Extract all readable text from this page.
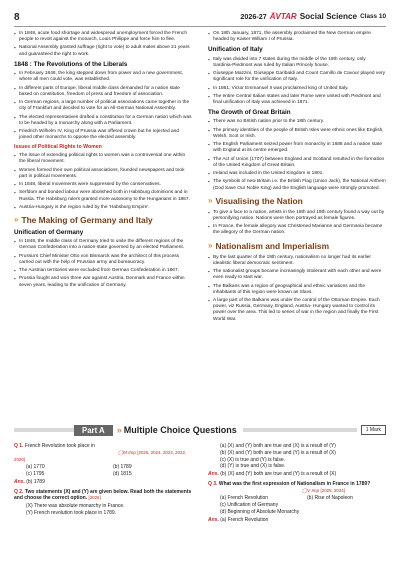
8	2026-27 A̅VTAR Social Science Class 10
▪ In 1848, acute food shortage and widespread unemployment forced the French people to revolt against the monarch, Louis Philippe and force him to flee.
▪ National Assembly granted suffrage (right to vote) to adult males above 21 years and guaranteed the right to work.
1848 : The Revolutions of the Liberals
▪ In February 1848, the king stepped down from power and a new government, where all men could vote, was established.
▪ In different parts of Europe, liberal middle class demanded for a nation state based on constitution, freedom of press and freedom of association.
▪ In German regions, a large number of political associations came together in the city of Frankfurt and decided to vote for an All-German National Assembly.
▪ The elected representatives drafted a constitution for a German nation which was to be headed by a monarchy along with a Parliament.
▪ Friedrich Wilhelm IV, King of Prussia was offered crown but he rejected and joined other monarchs to oppose the elected assembly.
Issues of Political Rights to Women
▪ The issue of extending political rights to women was a controversial one within the liberal movement.
▪ Women formed their own political associations, founded newspapers and took part in political movements.
▪ In 1848, liberal movements were suppressed by the conservatives.
▪ Serfdom and bonded labour were abolished both in Habsburg dominions and in Russia. The Habsburg rulers granted more autonomy to the Hungarians in 1867.
▪ Austria-Hungary is the region ruled by the ‘Habsburg Empire’.
» The Making of Germany and Italy
Unification of Germany
▪ In 1848, the middle class of Germany tried to unite the different regions of the German Confederation into a nation-state governed by an elected Parliament.
▪ Prussia's Chief Minister Otto von Bismarck was the architect of this process carried out with the help of Prussian army and bureaucracy.
▪ The Austrian territories were excluded from German Confederation in 1867.
▪ Prussia fought and won three war against Austria, Denmark and France within seven years, leading to the unification of Germany.
▪ On 18th January, 1871, the assembly proclaimed the New German empire headed by Kaiser William I of Prussia.
Unification of Italy
▪ Italy was divided into 7 states during the middle of the 19th century, only Sardinia-Piedmont was ruled by Italian Princely house.
▪ Giuseppe Mazzini, Giuseppe Garibaldi and Count Camillo de Cavour played very significant role for the unification of Italy.
▪ In 1861, Victor Emmanuel II was proclaimed king of United Italy.
▪ The entire Central Italian states and later Rome were united with Piedmont and final unification of Italy was achieved in 1871.
The Growth of Great Britain
▪ There was no British nation prior to the 18th century.
▪ The primary identities of the people of British Isles were ethnic ones like English, Welsh, Scot or Irish.
▪ The English Parliament seized power from monarchy in 1688 and a nation state with England at its centre emerged.
▪ The Act of Union (1707) between England and Scotland resulted in the formation of the United Kingdom of Great Britain.
▪ Ireland was included in the United Kingdom in 1801.
▪ The symbols of new Britain i.e. the British Flag (Union Jack), the National Anthem (God Save Our Noble King) and the English language were strongly promoted.
» Visualising the Nation
▪ To give a face to a nation, artists in the 18th and 19th century found a way out by personifying nation. Nations were then portrayed as female figures.
▪ In France, the female allegory was Christened Marianne and Germania became the allegory of the German nation.
» Nationalism and Imperialism
▪ By the last quarter of the 19th century, nationalism no longer had its earlier idealistic liberal democratic sentiment.
▪ The nationalist groups became increasingly intolerant with each other and were even ready to start war.
▪ The Balkans was a region of geographical and ethnic variations and the inhabitants of this region were known as Slavs.
▪ A large part of the Balkans was under the control of the Ottoman Empire. Each power, viz Russia, Germany, England, Austria- Hungary wanted to control its power over the area. This led to series of war in the region and finally the First World War.
Part A	» Multiple Choice Questions	1 Mark
Q 1. French Revolution took place in
◯M Imp [2026, 2024, 2023, 2022, 2020]
(a) 1770	(b) 1789
(c) 1795	(d) 1815
Ans. (b) 1789
Q 2. Two statements (X) and (Y) are given below. Read both the statements and choose the correct option. [2026]
(X) There was absolute monarchy in France.
(Y) French revolution took place in 1789.
(a) (X) and (Y) both are true and (X) is a result of (Y)
(b) (X) and (Y) both are true and (Y) is a result of (X)
(c) (X) is true and (Y) is false.
(d) (Y) is true and (X) is false.
Ans. (b) (X) and (Y) both are true and (Y) is a result of (X)
Q 3. What was the first expression of Nationalism in France in 1789?
◯V Imp [2025, 2024]
(a) French Revolution	(b) Rise of Napoleon
(c) Unification of Germany
(d) Beginning of Absolute Monarchy
Ans. (a) French Revolution
